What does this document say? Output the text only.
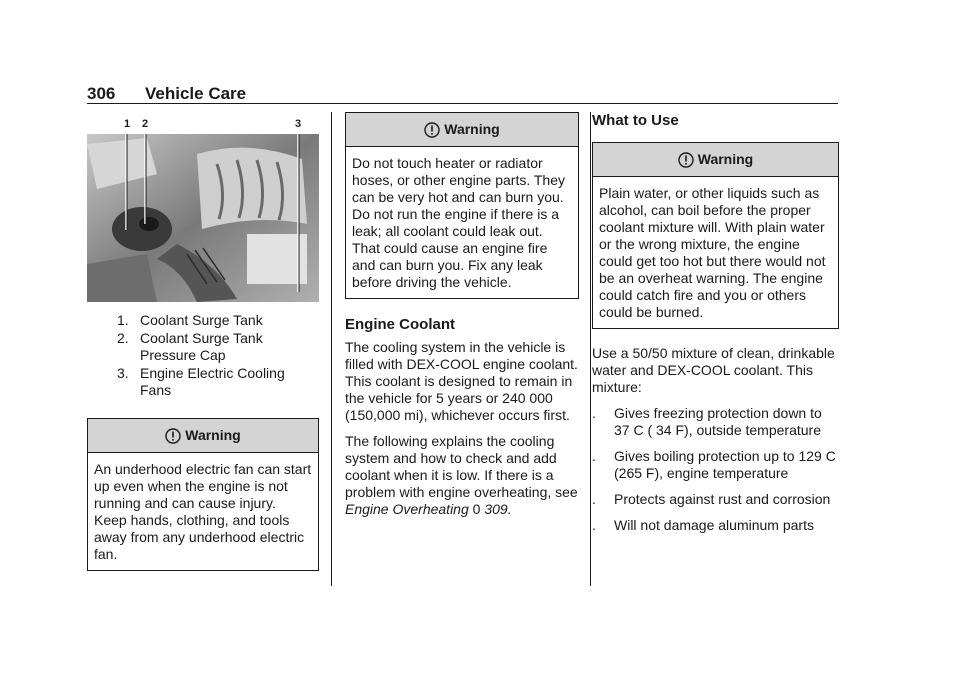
306 Vehicle Care
1 2	3
1. Coolant Surge Tank
2. Coolant Surge Tank Pressure Cap
3. Engine Electric Cooling Fans
Warning
An underhood electric fan can start up even when the engine is not running and can cause injury. Keep hands, clothing, and tools away from any underhood electric fan.
Warning
Do not touch heater or radiator hoses, or other engine parts. They can be very hot and can burn you. Do not run the engine if there is a leak; all coolant could leak out. That could cause an engine fire and can burn you. Fix any leak before driving the vehicle.
Engine Coolant

The cooling system in the vehicle is filled with DEX-COOL engine coolant. This coolant is designed to remain in the vehicle for 5 years or 240 000 (150,000 mi), whichever occurs first.

The following explains the cooling system and how to check and add coolant when it is low. If there is a problem with engine overheating, see Engine Overheating 0 309.

What to Use
Warning
Plain water, or other liquids such as alcohol, can boil before the proper coolant mixture will. With plain water or the wrong mixture, the engine could get too hot but there would not be an overheat warning. The engine could catch fire and you or others could be burned.

Use a 50/50 mixture of clean, drinkable water and DEX-COOL coolant. This mixture:

. Gives freezing protection down to 37 C ( 34 F), outside temperature
. Gives boiling protection up to 129 C (265 F), engine temperature
. Protects against rust and corrosion
. Will not damage aluminum parts
